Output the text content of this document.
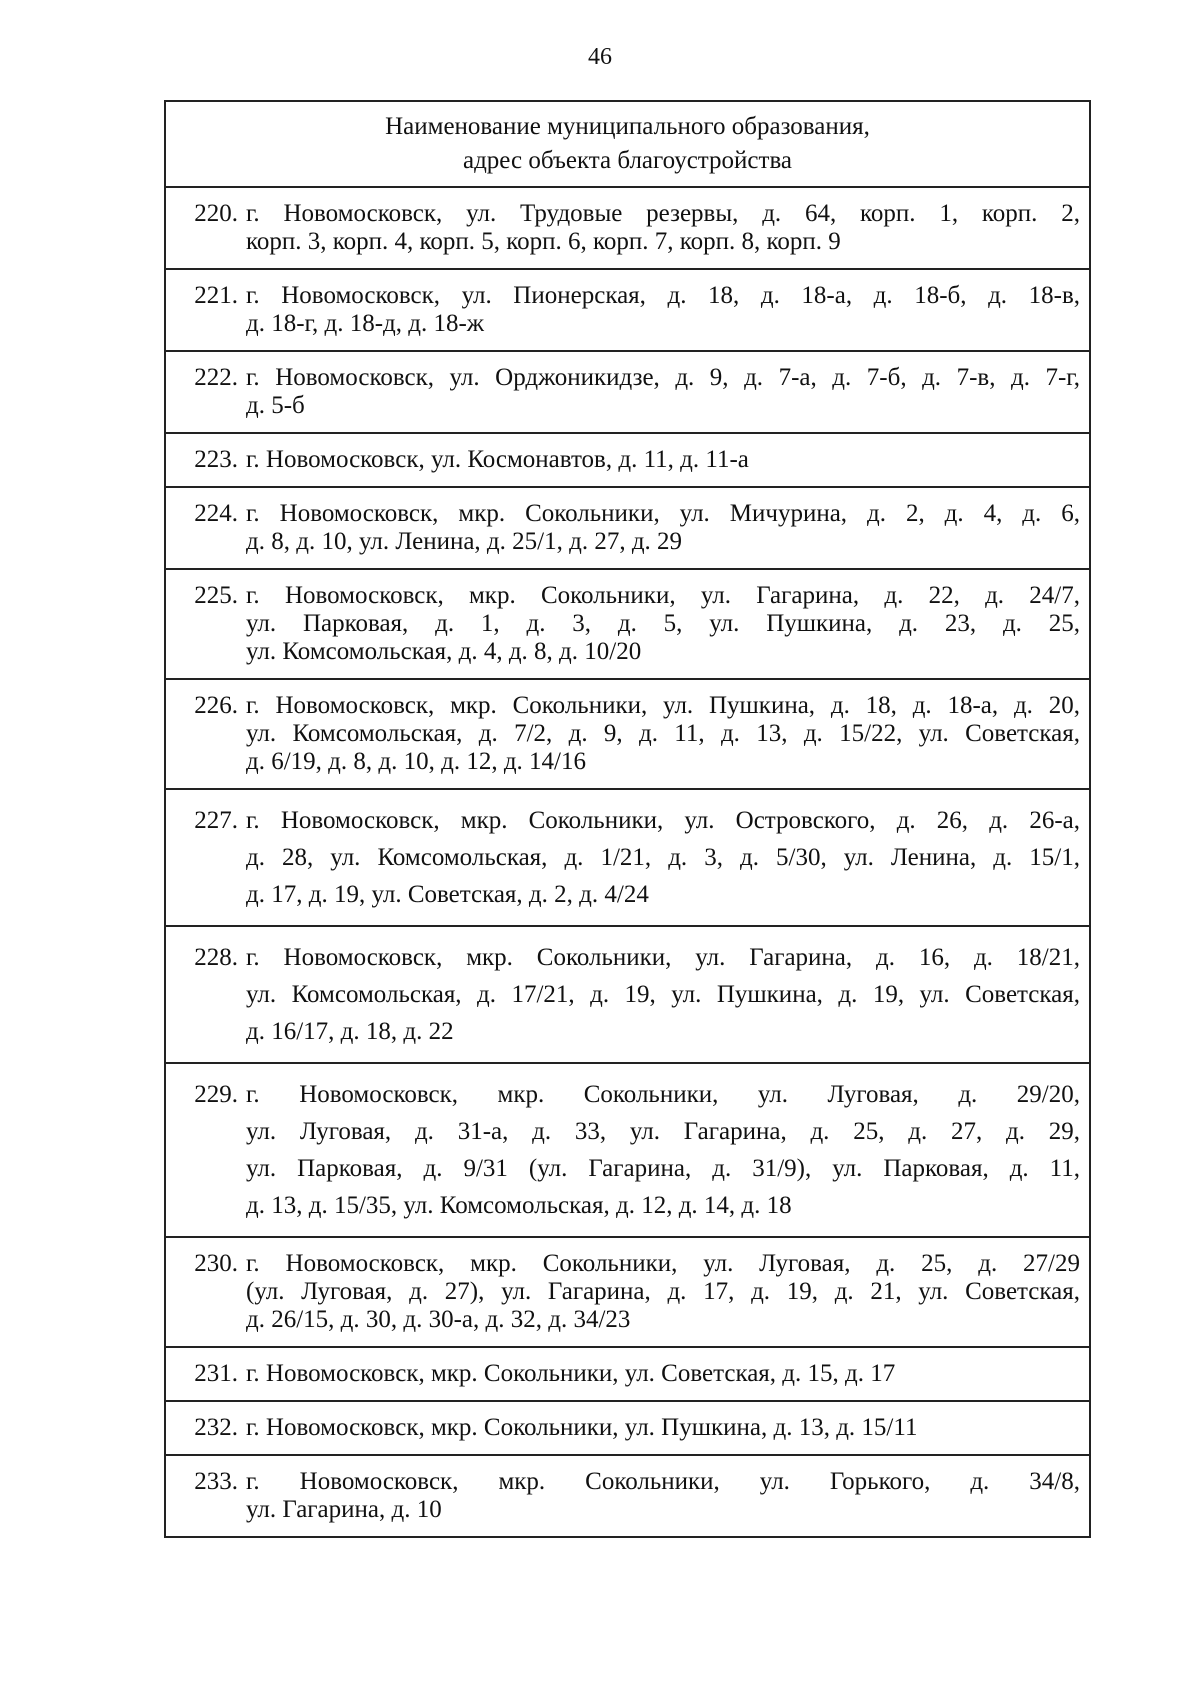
46
Наименование муниципального образования,
адрес объекта благоустройства
220. г. Новомосковск, ул. Трудовые резервы, д. 64, корп. 1, корп. 2,
корп. 3, корп. 4, корп. 5, корп. 6, корп. 7, корп. 8, корп. 9
221. г. Новомосковск, ул. Пионерская, д. 18, д. 18-а, д. 18-б, д. 18-в,
д. 18-г, д. 18-д, д. 18-ж
222. г. Новомосковск, ул. Орджоникидзе, д. 9, д. 7-а, д. 7-б, д. 7-в, д. 7-г,
д. 5-б
223. г. Новомосковск, ул. Космонавтов, д. 11, д. 11-а
224. г. Новомосковск, мкр. Сокольники, ул. Мичурина, д. 2, д. 4, д. 6,
д. 8, д. 10, ул. Ленина, д. 25/1, д. 27, д. 29
225. г. Новомосковск, мкр. Сокольники, ул. Гагарина, д. 22, д. 24/7,
ул. Парковая, д. 1, д. 3, д. 5, ул. Пушкина, д. 23, д. 25,
ул. Комсомольская, д. 4, д. 8, д. 10/20
226. г. Новомосковск, мкр. Сокольники, ул. Пушкина, д. 18, д. 18-а, д. 20,
ул. Комсомольская, д. 7/2, д. 9, д. 11, д. 13, д. 15/22, ул. Советская,
д. 6/19, д. 8, д. 10, д. 12, д. 14/16
227. г. Новомосковск, мкр. Сокольники, ул. Островского, д. 26, д. 26-а,
д. 28, ул. Комсомольская, д. 1/21, д. 3, д. 5/30, ул. Ленина, д. 15/1,
д. 17, д. 19, ул. Советская, д. 2, д. 4/24
228. г. Новомосковск, мкр. Сокольники, ул. Гагарина, д. 16, д. 18/21,
ул. Комсомольская, д. 17/21, д. 19, ул. Пушкина, д. 19, ул. Советская,
д. 16/17, д. 18, д. 22
229. г. Новомосковск, мкр. Сокольники, ул. Луговая, д. 29/20,
ул. Луговая, д. 31-а, д. 33, ул. Гагарина, д. 25, д. 27, д. 29,
ул. Парковая, д. 9/31 (ул. Гагарина, д. 31/9), ул. Парковая, д. 11,
д. 13, д. 15/35, ул. Комсомольская, д. 12, д. 14, д. 18
230. г. Новомосковск, мкр. Сокольники, ул. Луговая, д. 25, д. 27/29
(ул. Луговая, д. 27), ул. Гагарина, д. 17, д. 19, д. 21, ул. Советская,
д. 26/15, д. 30, д. 30-а, д. 32, д. 34/23
231. г. Новомосковск, мкр. Сокольники, ул. Советская, д. 15, д. 17
232. г. Новомосковск, мкр. Сокольники, ул. Пушкина, д. 13, д. 15/11
233. г. Новомосковск, мкр. Сокольники, ул. Горького, д. 34/8,
ул. Гагарина, д. 10
